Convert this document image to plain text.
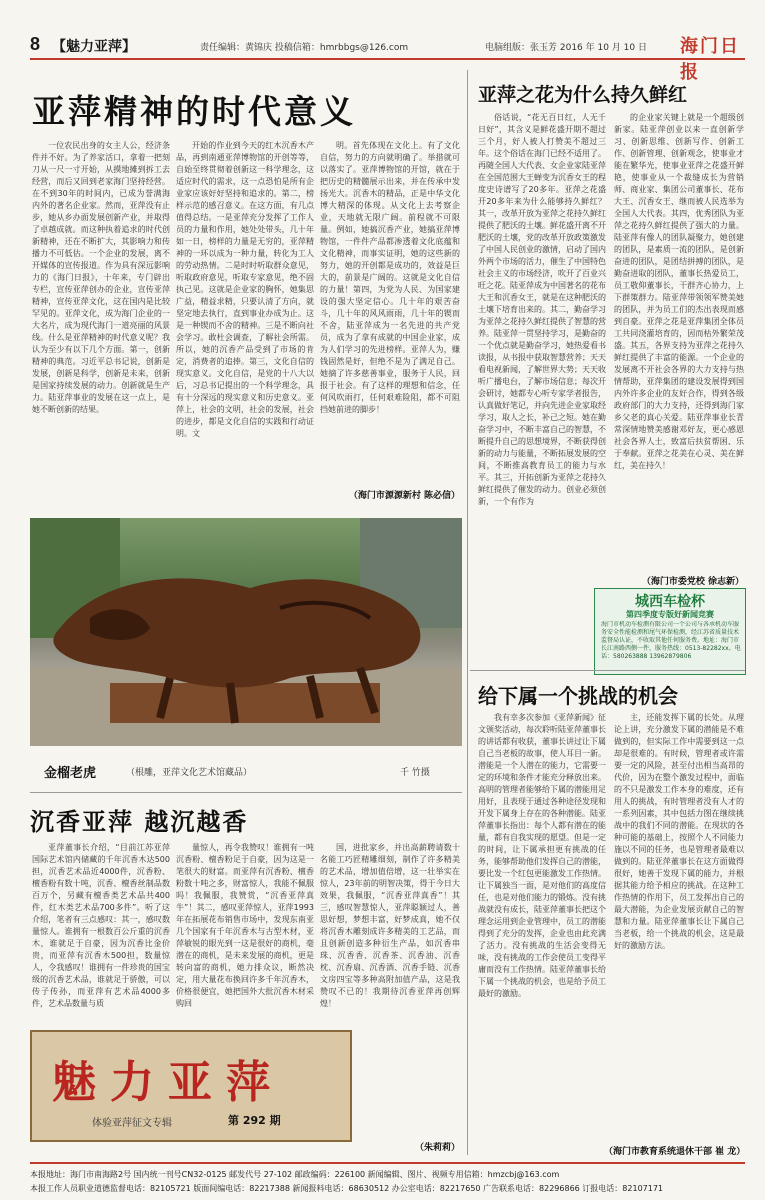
8 【魅力亚萍】	责任编辑：黄锦庆 投稿信箱：hmrbbgs@126.com	电脑组版：张玉芳 2016 年 10 月 10 日 海门日报
亚萍精神的时代意义

一位农民出身的女主人公，经济条件并不好。为了养家活口，拿着一把刻刀从一尺一寸开始，从摸地摊到拆工去经营，而后又回到老家海门坚持经营。在不到30年的时间内，已成为誉满海内外的著名企业家。然而，亚萍没有止步，她从乡办面发展创新产业，并取得了卓越成就。而这种执着追求的时代创新精神，还在不断扩大，其影响力和传播力不可低估。一个企业的发展，离不开媒体的宣传报道。作为具有深远影响力的《海门日报》，十年来，专门辟出专栏，宣传亚萍创办的企业，宣传亚萍精神，宣传亚萍文化，这在国内是比较罕见的。亚萍文化，成为海门企业的一大名片，成为现代海门一道亮丽的风景线。什么是亚萍精神的时代意义呢？我认为至少有以下几个方面。第一，创新精神的典范。习近平总书记说，创新是发展，创新是科学，创新是未来，创新是国家持续发展的动力。创新就是生产力。陆亚萍事业的发展在这一点上，是她不断创新的结果。

开始的作业到今天的红木沉香木产品，再到南通亚萍博物馆的开创等等，自始至终贯彻着创新这一科学理念，这适应时代的需求，这一点恐怕是所有企业家应该好好坚持和追求的。第二，榜样示范的感召意义。在这方面，有几点值得总结。一是亚萍充分发挥了工作人员的力量和作用，她处处带头，几十年如一日，榜样的力量是无穷的，亚萍精神的一环以成为一种力量，转化为工人的劳动热情。二是时时听取群众意见，听取政府意见，听取专家意见，绝不固执己见。这就是企业家的胸怀，她集思广益，精益求精，只要认清了方向，就坚定地去执行，直到事业办成为止。这是一种锲而不舍的精神。三是不断向社会学习。敢杜会调查，了解社会所需。所以，她的沉香产品受到了市场的肯定，消费者的追捧。第三，文化自信的现实意义。文化自信，是党的十八大以后，习总书记提出的一个科学理念，具有十分深远的现实意义和历史意义。亚萍上，社会的文明，社会的发展，社会的进步，都是文化自信的实践和行动证明。文

明。首先体现在文化上。有了文化自信，努力的方向就明确了。举措就可以落实了。亚萍博物馆的开馆，就在于把历史的精髓展示出来，并在传承中发扬光大。沉香木的精品，正是中华文化博大精深的体现。从文化上去考察企业，天地就无限广阔。前程就不可限量。例如，她搞沉香产业，她搞亚萍博物馆，一件件产品都渗透着文化底蕴和文化精神，而事实证明，她的这些新的努力，她的开创都是成功的，效益是巨大的，前景是广阔的。这就是文化自信的力量！第四，为党为人民、为国家建设的强大坚定信心。几十年的艰苦奋斗，几十年的风风雨雨，几十年的锲而不舍，陆亚萍成为一名先进的共产党员，成为了拿有成就的中国企业家，成为人们学习的先进榜样。亚萍人为，赚钱固然是好，但绝不是为了满足自己。她摘了许多慈善事业，服务于人民，回报于社会。有了这样的理想和信念，任何风吹雨打，任何艰难险阻，都不可阻挡她前进的脚步！

（海门市源源新村 陈必信）
亚萍之花为什么持久鲜红

俗话说，“花无百日红，人无千日好”，其含义是鲜花盛开期不超过三个月，好人被人打赞美不超过三年。这个俗话在海门已经不适用了。再随全国人大代表、女企业家陆亚萍在全国范围大王蝉变为沉香女王的程度史诗谱写了20多年。亚萍之花盛开20多年来为什么能够持久鲜红？其一，改革开放为亚萍之花持久鲜红提供了肥沃的土壤。鲜花盛开离不开肥沃的土壤，党的改革开放政策激发了中国人民创业的激情，启动了国内外两个市场的活力，催生了中国特色社会主义的市场经济，吹开了百业兴旺之花。陆亚萍成为中国著名的花布大王和沉香女王，就是在这种肥沃的土壤下培育出来的。其二，勤奋学习为亚萍之花持久鲜红提供了智慧的营养。陆亚萍一贯坚持学习，是勤奋的一个优点就是勤奋学习，她热爱看书读报，从书报中获取智慧营养；天天看电视新闻，了解世界大势；天天收听广播电台，了解市场信息；每次开会研讨，她都专心听专家学者报告，认真做好笔记，并向先进企业家取经学习，取人之长，补己之短。她在勤奋学习中，不断丰富自己的智慧，不断提升自己的思想境界，不断获得创新的动力与能量，不断拓展发展的空间，不断推高教育员工的能力与水平。其三，开拓创新为亚萍之花持久鲜红提供了催发的动力。创业必须创新，一个有作为

的企业家关键上就是一个超级创新家。陆亚萍创业以来一直创新学习、创新思维、创新写作、创新工作、创新管理、创新观念，使事业才能在繁华光，使事业亚萍之花盛开鲜艳，使事业从一个裁缝成长为营销师、商业家、集团公司董事长、花布大王、沉香女王、继而被人民选举为全国人大代表。其四，优秀团队为亚萍之花持久鲜红提供了强大的力量。陆亚萍有像人的团队凝聚力，她创建的团队，是素质一流的团队，是创新奋进的团队，是团结拼搏的团队，是勤奋进取的团队，董事长热爱员工，员工敬仰董事长，干群齐心协力，上下群策群力。陆亚萍带领领军赞美她的团队，并为员工们的杰出表现而感到自豪。亚萍之花是亚萍集团全体员工共同浇灌培育的，因而枯外繁荣茂盛。其五，各界支持为亚萍之花持久鲜红提供了丰富的能源。一个企业的发展离不开社会各界的大力支持与热情帮助，亚萍集团的建设发展得到国内外许多企业的友好合作，得到各级政府部门的大力支持，还得到海门家乡父老的真心关爱。陆亚萍事业长青常深情地赞美感谢邓好友，更心感恩社会各界人士，致富后扶贫帮困、乐于奉献。亚萍之花美在心灵、美在鲜红，美在持久！

（海门市委党校 徐志新）
城西车检杯
第四季度专版好新闻竞赛
海门市机动车检测有限公司一个公司与各承机动车服务安全性能检测和尾气环保检测，经江苏省质量技术监督局认证，不收取其他任何服务费。地址：海门市长江南路西侧一件，服务热线：0513-82282xx。电话：580263888 13962879806
给下属一个挑战的机会

我有幸多次参加《亚萍新闻》征文颁奖活动，每次聆听陆亚萍董事长的讲话都有收获，董事长讲过让下属自己当老板的故事，使人耳目一新。潜能是一个人潜在的能力，它需要一定的环境和条件才能充分释放出来。高明的管理者能够给下属的潜能用足用好，且表现于通过各种途径发现和开发下属身上存在的各种潜能。陆亚萍董事长指出：每个人都有潜在的能量，都有自我实现的愿望。但是一定的时间，让下属承担更有挑战的任务，能够帮助他们发挥自己的潜能，要比发一个红包更能激发工作热情。让下属独当一面，是对他们的高度信任，也是对他们能力的锻炼。没有挑战就没有成长，陆亚萍董事长把这个理念运用到企业管理中，员工的潜能得到了充分的发挥，企业也由此充满了活力。没有挑战的生活会变得无味，没有挑战的工作会使员工变得平庸而没有工作热情。陆亚萍董事长给下属一个挑战的机会，也是给予员工最好的激励。

主，还能发挥下属的长处。从理论上讲，充分激发下属的潜能是不难做到的，但实际工作中需要到这一点却是很难的。有时候，管理者或许需要一定的风险，甚至付出相当高昂的代价，因为在整个激发过程中，面临的不只是激发工作本身的难度，还有用人的挑战，有时管理者没有人才的一系列因素，其中包括力图在继续挑战中的我们不同的潜能。在现状的各种可能的基础上，按照个人不同能力施以不同的任务，也是管理者最难以做到的。陆亚萍董事长在这方面做得很好，她善于发现下属的能力，并根据其能力给予相应的挑战。在这种工作热情的作用下，员工发挥出自己的最大潜能，为企业发展贡献自己的智慧和力量。陆亚萍董事长让下属自己当老板，给一个挑战的机会，这是最好的激励方法。

（海门市教育系统退休干部 崔 龙）
金榴老虎	（根雕，亚萍文化艺术馆藏品）	千 竹摄
沉香亚萍 越沉越香

亚萍董事长介绍，“目前江苏亚萍国际艺术馆内储藏的千年沉香木达500担，沉香艺术品近4000件，沉香粉、檀香粉有数十吨，沉香、檀香丝制品数百万个，另藏有檀香类艺术品共400件，红木类艺术品700多件”。听了这介绍，笔者有三点感叹：其一，感叹数量惊人。谁拥有一根数百公斤重的沉香木，谁就足于自豪，因为沉香比金价贵，而亚萍有沉香木500担，数量惊人，令我感叹！谁拥有一件珍贵的国宝级的沉香艺术品，谁就足于骄傲，可以传子传孙，而亚萍有艺术品4000多件，艺术品数量与质

量惊人，再令我赞叹！谁拥有一吨沉香粉、檀香粉足于自豪，因为这是一笔很大的财富。而亚萍有沉香粉、檀香粉数十吨之多，财富惊人，我能不佩服吗！我佩服，我赞赏，“沉香亚萍真牛”！其二，感叹亚萍惊人，亚萍1993年在拓展花布销售市场中，发现东南亚几个国家有千年沉香木与古型木材，亚萍敏锐的眼光到一这是很好的商机，毫潜在的商机，是未来发展的商机，更是转向富的商机，她力排众议，断然决定，用大量花布换回许多千年沉香木，价格很便宜，她把国外大批沉香木材采购回

国，进批家乡，并出高薪聘请数十名能工巧匠精雕细刻，制作了许多精美的艺术品，增加值倍增，这一壮举实在惊人，23年前的明智决策，得于今日大效果，我佩服，“沉香亚萍真香”！其三，感叹智慧惊人，亚萍聪颖过人，善思好想，梦想丰富，好梦成真，她不仅将沉香木雕刻成许多精美的工艺品，而且创新创造多种衍生产品，如沉香串珠、沉香香、沉香茶、沉香油、沉香枕、沉香扇、沉香酒、沉香手链、沉香文房四宝等多种高附加值产品，这是我赞叹不已的！我期待沉香亚萍再创辉煌！

（朱莉莉）
魅力亚萍
体验亚萍征文专辑	第 292 期
本报地址：海门市南海路2号 国内统一刊号CN32-0125 邮发代号 27-102 邮政编码：226100 新闻编辑、图片、视频专用信箱：hmzcbj@163.com
本报工作人员职业道德监督电话：82105721 版面间编电话：82217388 新闻报料电话：68630512 办公室电话：82217650 广告联系电话：82296866 订报电话：82107171
